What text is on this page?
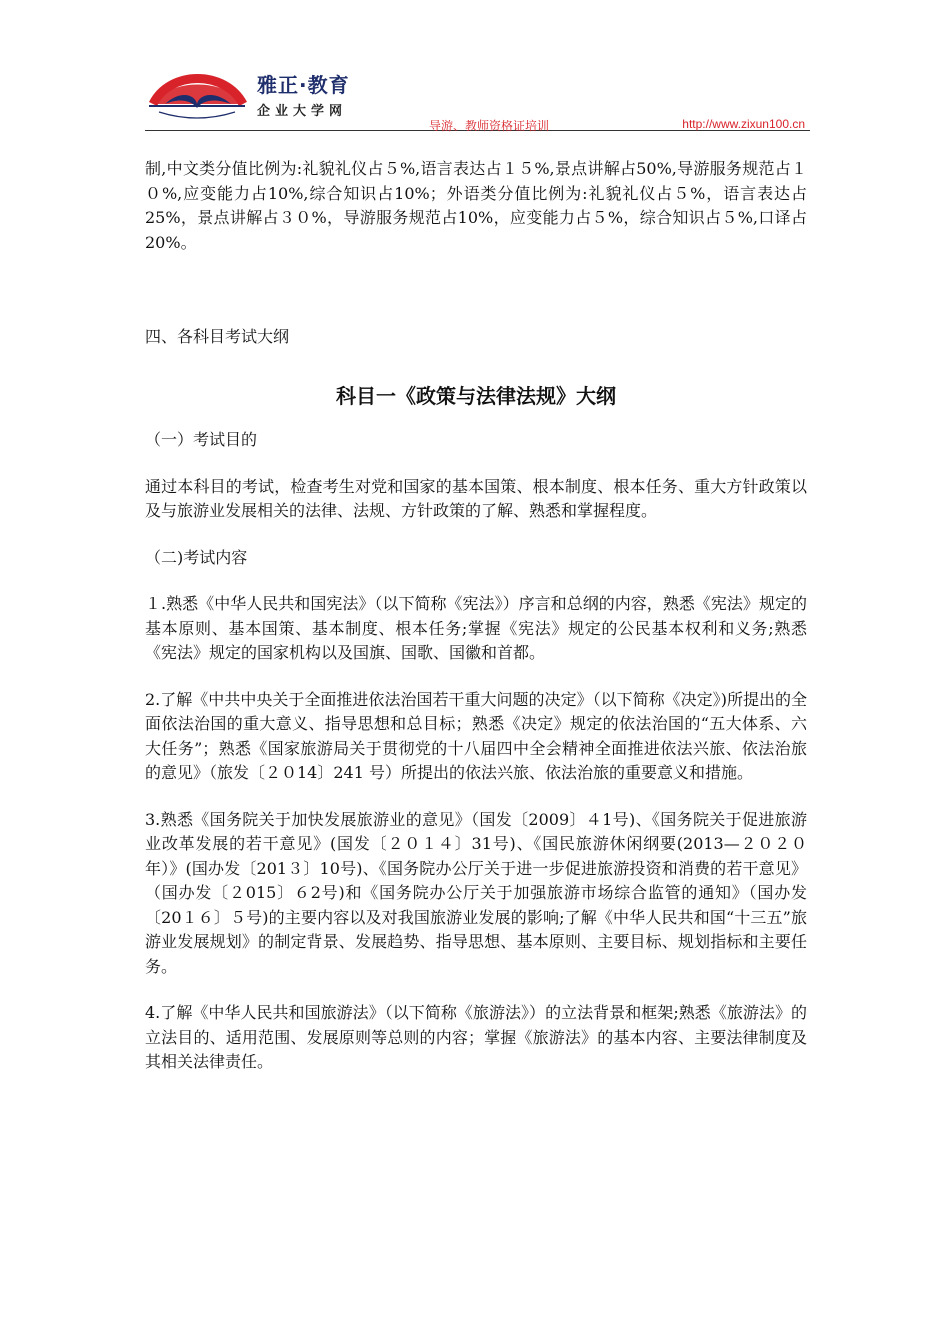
雅正·教育
企业大学网
导游、教师资格证培训	http://www.zixun100.cn

制,中文类分值比例为:礼貌礼仪占５%,语言表达占１５%,景点讲解占50%,导游服务规范占１０%,应变能力占10%,综合知识占10%；外语类分值比例为:礼貌礼仪占５%，语言表达占25%，景点讲解占３０%，导游服务规范占10%，应变能力占５%，综合知识占５%,口译占20%。

四、各科目考试大纲

科目一《政策与法律法规》大纲

（一）考试目的

通过本科目的考试，检查考生对党和国家的基本国策、根本制度、根本任务、重大方针政策以及与旅游业发展相关的法律、法规、方针政策的了解、熟悉和掌握程度。

（二)考试内容

１.熟悉《中华人民共和国宪法》（以下简称《宪法》）序言和总纲的内容，熟悉《宪法》规定的基本原则、基本国策、基本制度、根本任务;掌握《宪法》规定的公民基本权利和义务;熟悉《宪法》规定的国家机构以及国旗、国歌、国徽和首都。

2.了解《中共中央关于全面推进依法治国若干重大问题的决定》（以下简称《决定》)所提出的全面依法治国的重大意义、指导思想和总目标；熟悉《决定》规定的依法治国的“五大体系、六大任务”；熟悉《国家旅游局关于贯彻党的十八届四中全会精神全面推进依法兴旅、依法治旅的意见》（旅发〔２０14〕241 号）所提出的依法兴旅、依法治旅的重要意义和措施。

3.熟悉《国务院关于加快发展旅游业的意见》（国发〔2009〕４1号)、《国务院关于促进旅游业改革发展的若干意见》(国发〔２０１４〕31号)、《国民旅游休闲纲要(2013—２０２０年）》(国办发〔201３〕10号)、《国务院办公厅关于进一步促进旅游投资和消费的若干意见》（国办发〔２015〕６2号)和《国务院办公厅关于加强旅游市场综合监管的通知》（国办发〔20１６〕５号)的主要内容以及对我国旅游业发展的影响;了解《中华人民共和国“十三五”旅游业发展规划》的制定背景、发展趋势、指导思想、基本原则、主要目标、规划指标和主要任务。

4.了解《中华人民共和国旅游法》（以下简称《旅游法》）的立法背景和框架;熟悉《旅游法》的立法目的、适用范围、发展原则等总则的内容；掌握《旅游法》的基本内容、主要法律制度及其相关法律责任。
